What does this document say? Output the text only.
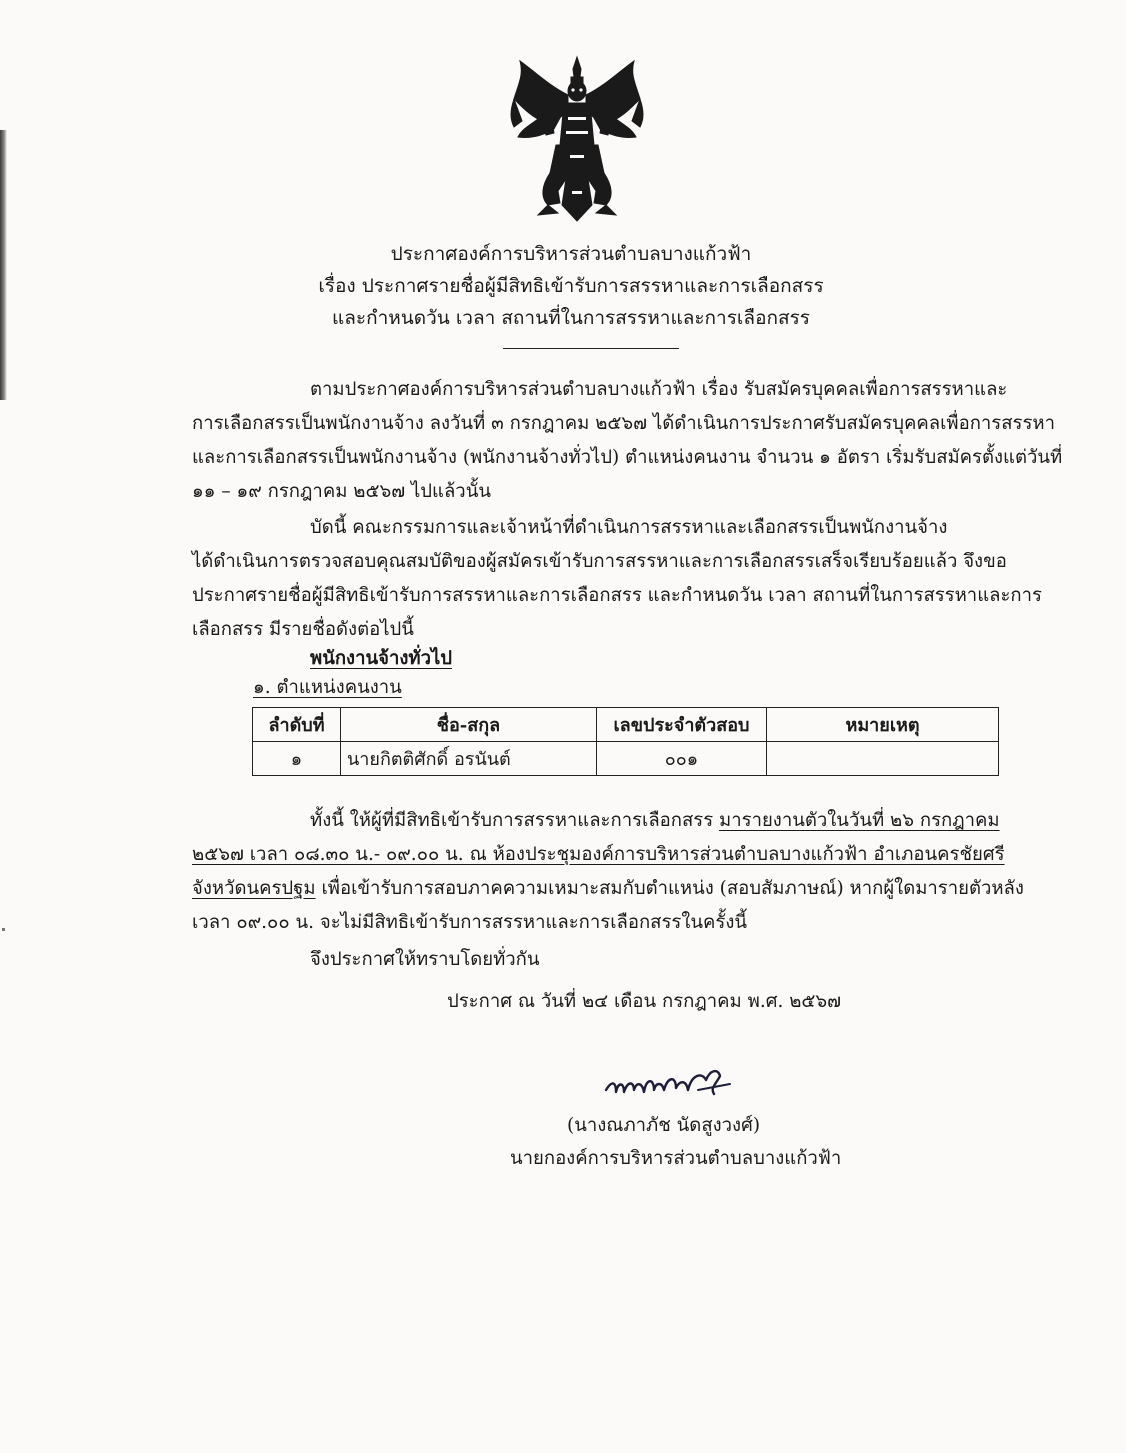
ประกาศองค์การบริหารส่วนตำบลบางแก้วฟ้า
เรื่อง ประกาศรายชื่อผู้มีสิทธิเข้ารับการสรรหาและการเลือกสรร
และกำหนดวัน เวลา สถานที่ในการสรรหาและการเลือกสรร
ตามประกาศองค์การบริหารส่วนตำบลบางแก้วฟ้า เรื่อง รับสมัครบุคคลเพื่อการสรรหาและ
การเลือกสรรเป็นพนักงานจ้าง ลงวันที่ ๓ กรกฎาคม ๒๕๖๗ ได้ดำเนินการประกาศรับสมัครบุคคลเพื่อการสรรหา
และการเลือกสรรเป็นพนักงานจ้าง (พนักงานจ้างทั่วไป) ตำแหน่งคนงาน จำนวน ๑ อัตรา เริ่มรับสมัครตั้งแต่วันที่
๑๑ – ๑๙ กรกฎาคม ๒๕๖๗ ไปแล้วนั้น
บัดนี้ คณะกรรมการและเจ้าหน้าที่ดำเนินการสรรหาและเลือกสรรเป็นพนักงานจ้าง
ได้ดำเนินการตรวจสอบคุณสมบัติของผู้สมัครเข้ารับการสรรหาและการเลือกสรรเสร็จเรียบร้อยแล้ว จึงขอ
ประกาศรายชื่อผู้มีสิทธิเข้ารับการสรรหาและการเลือกสรร และกำหนดวัน เวลา สถานที่ในการสรรหาและการ
เลือกสรร มีรายชื่อดังต่อไปนี้
พนักงานจ้างทั่วไป
๑. ตำแหน่งคนงาน
ลำดับที่	ชื่อ-สกุล	เลขประจำตัวสอบ	หมายเหตุ
๑	นายกิตติศักดิ์ อรนันต์	๐๐๑	
ทั้งนี้ ให้ผู้ที่มีสิทธิเข้ารับการสรรหาและการเลือกสรร มารายงานตัวในวันที่ ๒๖ กรกฎาคม
๒๕๖๗ เวลา ๐๘.๓๐ น.- ๐๙.๐๐ น. ณ ห้องประชุมองค์การบริหารส่วนตำบลบางแก้วฟ้า อำเภอนครชัยศรี
จังหวัดนครปฐม เพื่อเข้ารับการสอบภาคความเหมาะสมกับตำแหน่ง (สอบสัมภาษณ์) หากผู้ใดมารายตัวหลัง
เวลา ๐๙.๐๐ น. จะไม่มีสิทธิเข้ารับการสรรหาและการเลือกสรรในครั้งนี้
จึงประกาศให้ทราบโดยทั่วกัน
ประกาศ ณ วันที่ ๒๔ เดือน กรกฎาคม พ.ศ. ๒๕๖๗
(นางณภาภัช นัดสูงวงศ์)
นายกองค์การบริหารส่วนตำบลบางแก้วฟ้า
